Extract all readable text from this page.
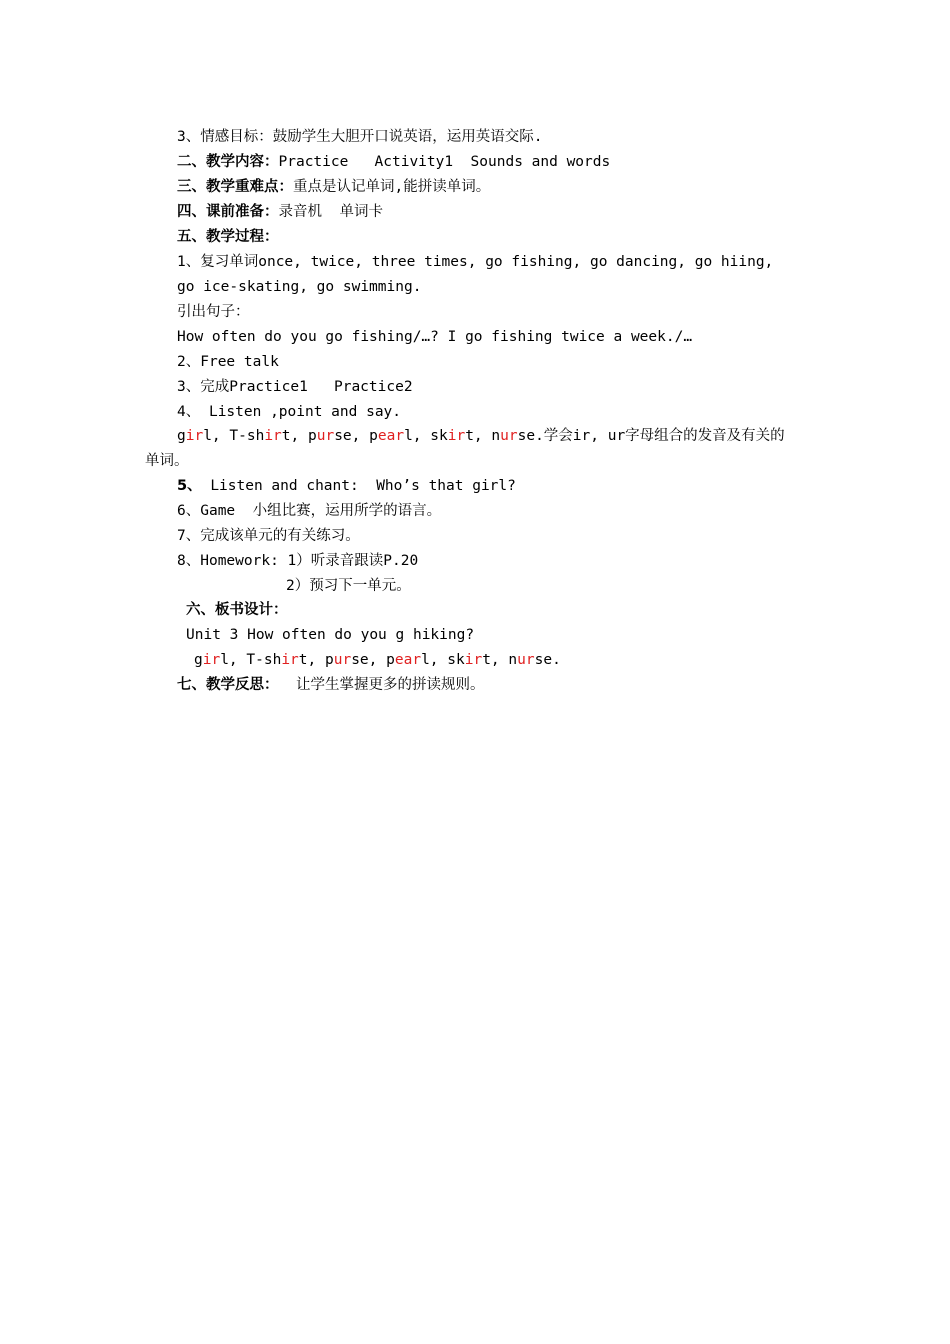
3、情感目标：鼓励学生大胆开口说英语，运用英语交际.
二、教学内容：Practice   Activity1  Sounds and words
三、教学重难点：重点是认记单词,能拼读单词。
四、课前准备：录音机  单词卡
五、教学过程：
1、复习单词once, twice, three times, go fishing, go dancing, go hiing,
go ice-skating, go swimming.
引出句子：
How often do you go fishing/…? I go fishing twice a week./…
2、Free talk
3、完成Practice1   Practice2
4、 Listen ,point and say.
girl, T-shirt, purse, pearl, skirt, nurse.学会ir, ur字母组合的发音及有关的
单词。
5、 Listen and chant:  Who’s that girl?
6、Game  小组比赛，运用所学的语言。
7、完成该单元的有关练习。
8、Homework: 1）听录音跟读P.20
2）预习下一单元。
六、板书设计：
Unit 3 How often do you g hiking?
girl, T-shirt, purse, pearl, skirt, nurse.
七、教学反思：  让学生掌握更多的拼读规则。
